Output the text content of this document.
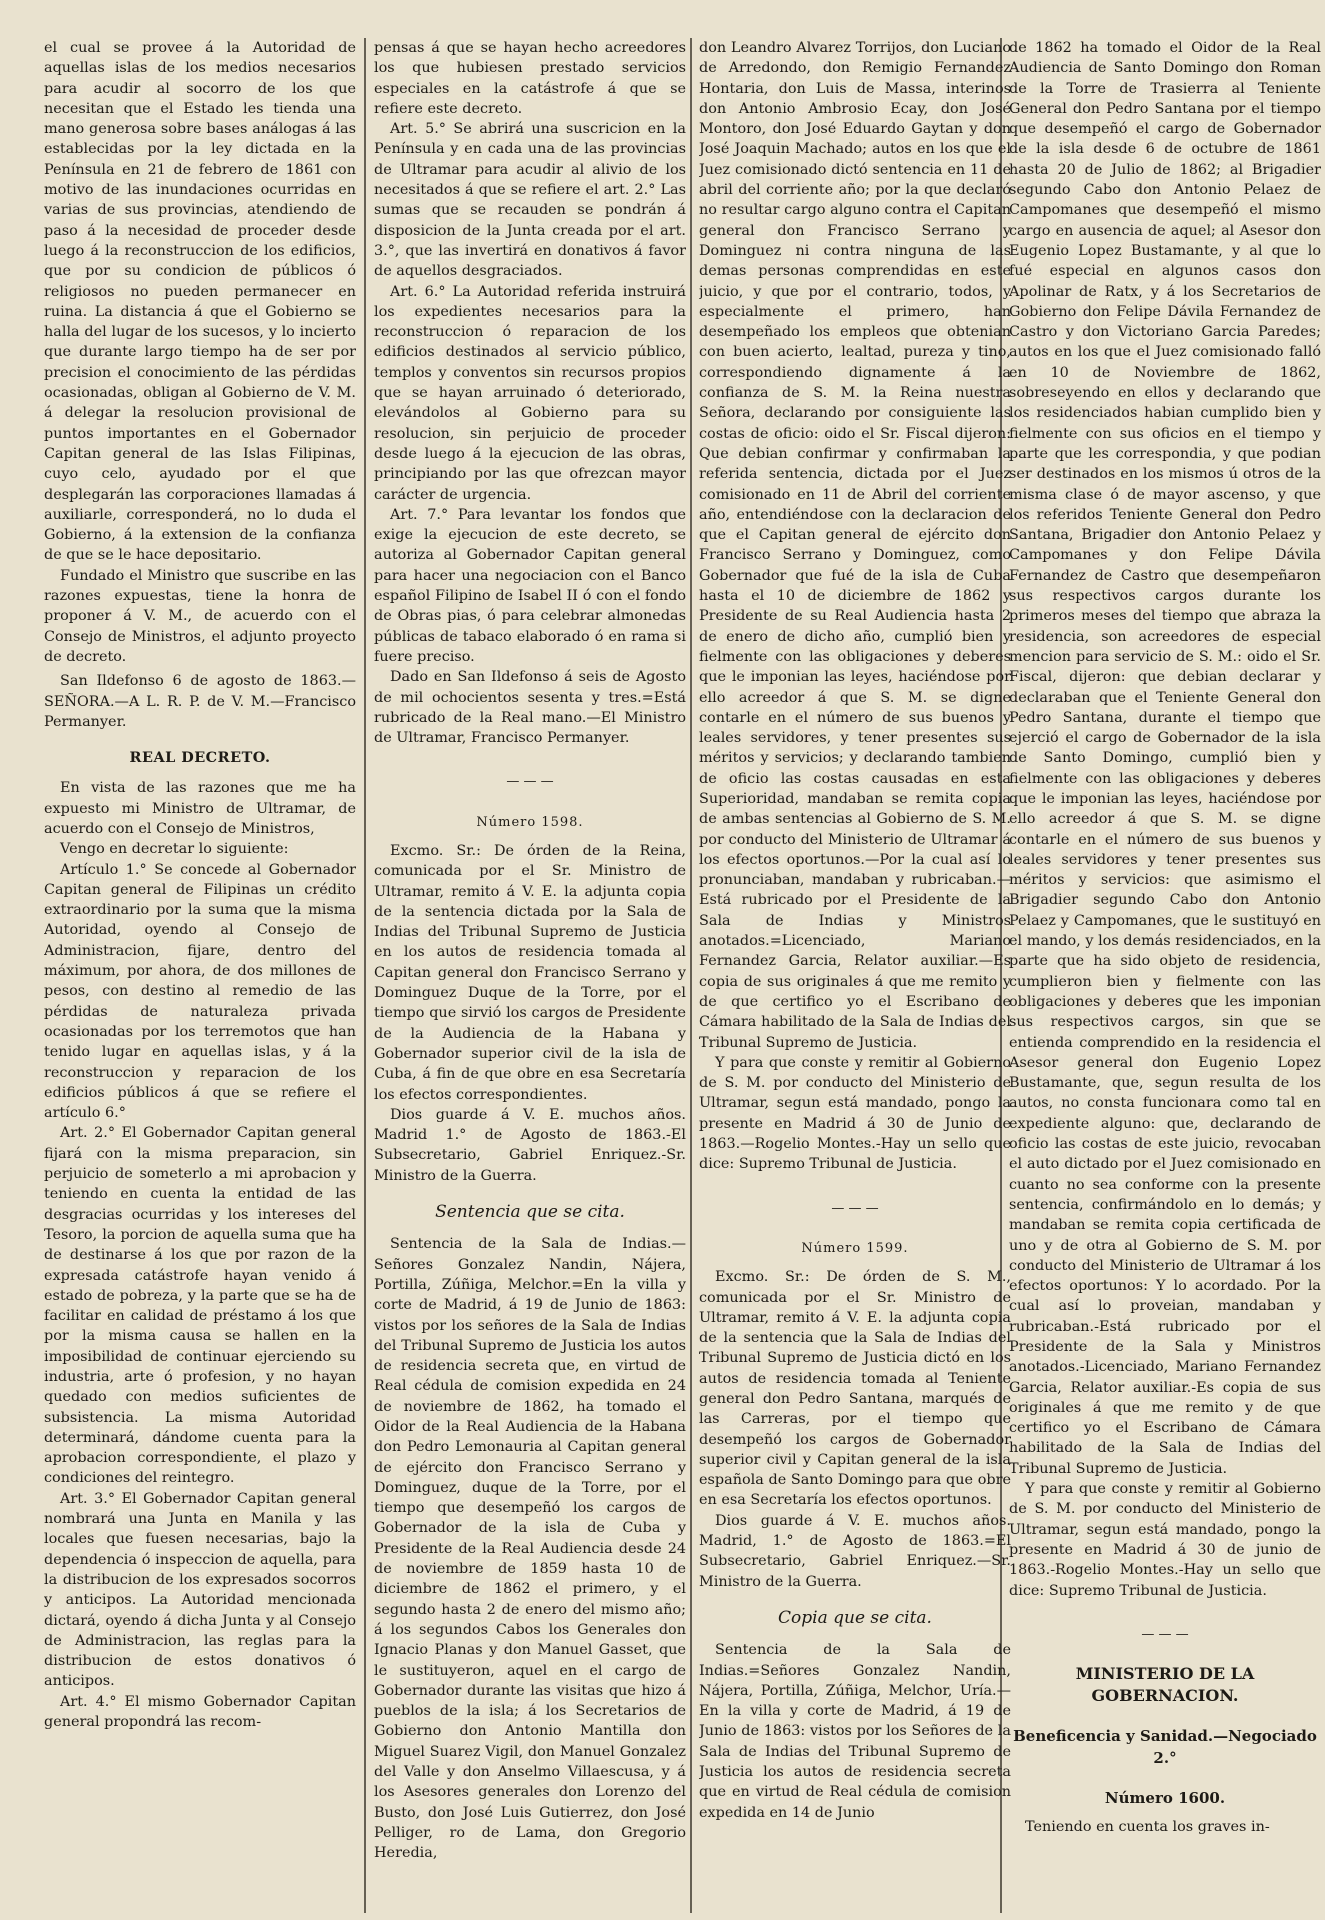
el cual se provee á la Autoridad de aquellas islas de los medios necesarios para acudir al socorro de los que necesitan que el Estado les tienda una mano generosa sobre bases análogas á las establecidas por la ley dictada en la Península en 21 de febrero de 1861 con motivo de las inundaciones ocurridas en varias de sus provincias, atendiendo de paso á la necesidad de proceder desde luego á la reconstruccion de los edificios, que por su condicion de públicos ó religiosos no pueden permanecer en ruina. La distancia á que el Gobierno se halla del lugar de los sucesos, y lo incierto que durante largo tiempo ha de ser por precision el conocimiento de las pérdidas ocasionadas, obligan al Gobierno de V. M. á delegar la resolucion provisional de puntos importantes en el Gobernador Capitan general de las Islas Filipinas, cuyo celo, ayudado por el que desplegarán las corporaciones llamadas á auxiliarle, corresponderá, no lo duda el Gobierno, á la extension de la confianza de que se le hace depositario.

Fundado el Ministro que suscribe en las razones expuestas, tiene la honra de proponer á V. M., de acuerdo con el Consejo de Ministros, el adjunto proyecto de decreto.

San Ildefonso 6 de agosto de 1863.—SEÑORA.—A L. R. P. de V. M.—Francisco Permanyer.

REAL DECRETO.

En vista de las razones que me ha expuesto mi Ministro de Ultramar, de acuerdo con el Consejo de Ministros,

Vengo en decretar lo siguiente:

Artículo 1.° Se concede al Gobernador Capitan general de Filipinas un crédito extraordinario por la suma que la misma Autoridad, oyendo al Consejo de Administracion, fijare, dentro del máximum, por ahora, de dos millones de pesos, con destino al remedio de las pérdidas de naturaleza privada ocasionadas por los terremotos que han tenido lugar en aquellas islas, y á la reconstruccion y reparacion de los edificios públicos á que se refiere el artículo 6.°

Art. 2.° El Gobernador Capitan general fijará con la misma preparacion, sin perjuicio de someterlo a mi aprobacion y teniendo en cuenta la entidad de las desgracias ocurridas y los intereses del Tesoro, la porcion de aquella suma que ha de destinarse á los que por razon de la expresada catástrofe hayan venido á estado de pobreza, y la parte que se ha de facilitar en calidad de préstamo á los que por la misma causa se hallen en la imposibilidad de continuar ejerciendo su industria, arte ó profesion, y no hayan quedado con medios suficientes de subsistencia. La misma Autoridad determinará, dándome cuenta para la aprobacion correspondiente, el plazo y condiciones del reintegro.

Art. 3.° El Gobernador Capitan general nombrará una Junta en Manila y las locales que fuesen necesarias, bajo la dependencia ó inspeccion de aquella, para la distribucion de los expresados socorros y anticipos. La Autoridad mencionada dictará, oyendo á dicha Junta y al Consejo de Administracion, las reglas para la distribucion de estos donativos ó anticipos.

Art. 4.° El mismo Gobernador Capitan general propondrá las recom-

pensas á que se hayan hecho acreedores los que hubiesen prestado servicios especiales en la catástrofe á que se refiere este decreto.

Art. 5.° Se abrirá una suscricion en la Península y en cada una de las provincias de Ultramar para acudir al alivio de los necesitados á que se refiere el art. 2.° Las sumas que se recauden se pondrán á disposicion de la Junta creada por el art. 3.°, que las invertirá en donativos á favor de aquellos desgraciados.

Art. 6.° La Autoridad referida instruirá los expedientes necesarios para la reconstruccion ó reparacion de los edificios destinados al servicio público, templos y conventos sin recursos propios que se hayan arruinado ó deteriorado, elevándolos al Gobierno para su resolucion, sin perjuicio de proceder desde luego á la ejecucion de las obras, principiando por las que ofrezcan mayor carácter de urgencia.

Art. 7.° Para levantar los fondos que exige la ejecucion de este decreto, se autoriza al Gobernador Capitan general para hacer una negociacion con el Banco español Filipino de Isabel II ó con el fondo de Obras pias, ó para celebrar almonedas públicas de tabaco elaborado ó en rama si fuere preciso.

Dado en San Ildefonso á seis de Agosto de mil ochocientos sesenta y tres.=Está rubricado de la Real mano.—El Ministro de Ultramar, Francisco Permanyer.

— — —

Número 1598.

Excmo. Sr.: De órden de la Reina, comunicada por el Sr. Ministro de Ultramar, remito á V. E. la adjunta copia de la sentencia dictada por la Sala de Indias del Tribunal Supremo de Justicia en los autos de residencia tomada al Capitan general don Francisco Serrano y Dominguez Duque de la Torre, por el tiempo que sirvió los cargos de Presidente de la Audiencia de la Habana y Gobernador superior civil de la isla de Cuba, á fin de que obre en esa Secretaría los efectos correspondientes.

Dios guarde á V. E. muchos años. Madrid 1.° de Agosto de 1863.-El Subsecretario, Gabriel Enriquez.-Sr. Ministro de la Guerra.

Sentencia que se cita.

Sentencia de la Sala de Indias.—Señores Gonzalez Nandin, Nájera, Portilla, Zúñiga, Melchor.=En la villa y corte de Madrid, á 19 de Junio de 1863: vistos por los señores de la Sala de Indias del Tribunal Supremo de Justicia los autos de residencia secreta que, en virtud de Real cédula de comision expedida en 24 de noviembre de 1862, ha tomado el Oidor de la Real Audiencia de la Habana don Pedro Lemonauria al Capitan general de ejército don Francisco Serrano y Dominguez, duque de la Torre, por el tiempo que desempeñó los cargos de Gobernador de la isla de Cuba y Presidente de la Real Audiencia desde 24 de noviembre de 1859 hasta 10 de diciembre de 1862 el primero, y el segundo hasta 2 de enero del mismo año; á los segundos Cabos los Generales don Ignacio Planas y don Manuel Gasset, que le sustituyeron, aquel en el cargo de Gobernador durante las visitas que hizo á pueblos de la isla; á los Secretarios de Gobierno don Antonio Mantilla don Miguel Suarez Vigil, don Manuel Gonzalez del Valle y don Anselmo Villaescusa, y á los Asesores generales don Lorenzo del Busto, don José Luis Gutierrez, don José Pelliger, ro de Lama, don Gregorio Heredia,

don Leandro Alvarez Torrijos, don Luciano de Arredondo, don Remigio Fernandez Hontaria, don Luis de Massa, interinos don Antonio Ambrosio Ecay, don José Montoro, don José Eduardo Gaytan y don José Joaquin Machado; autos en los que el Juez comisionado dictó sentencia en 11 de abril del corriente año; por la que declaró no resultar cargo alguno contra el Capitan general don Francisco Serrano y Dominguez ni contra ninguna de las demas personas comprendidas en este juicio, y que por el contrario, todos, y especialmente el primero, han desempeñado los empleos que obtenian con buen acierto, lealtad, pureza y tino, correspondiendo dignamente á la confianza de S. M. la Reina nuestra Señora, declarando por consiguiente las costas de oficio: oido el Sr. Fiscal dijeron: Que debian confirmar y confirmaban la referida sentencia, dictada por el Juez comisionado en 11 de Abril del corriente año, entendiéndose con la declaracion de que el Capitan general de ejército don Francisco Serrano y Dominguez, como Gobernador que fué de la isla de Cuba hasta el 10 de diciembre de 1862 y Presidente de su Real Audiencia hasta 2 de enero de dicho año, cumplió bien y fielmente con las obligaciones y deberes que le imponian las leyes, haciéndose por ello acreedor á que S. M. se digne contarle en el número de sus buenos y leales servidores, y tener presentes sus méritos y servicios; y declarando tambien de oficio las costas causadas en esta Superioridad, mandaban se remita copia de ambas sentencias al Gobierno de S. M. por conducto del Ministerio de Ultramar á los efectos oportunos.—Por la cual así lo pronunciaban, mandaban y rubricaban.—Está rubricado por el Presidente de la Sala de Indias y Ministros anotados.=Licenciado, Mariano Fernandez Garcia, Relator auxiliar.—Es copia de sus originales á que me remito y de que certifico yo el Escribano de Cámara habilitado de la Sala de Indias del Tribunal Supremo de Justicia.

Y para que conste y remitir al Gobierno de S. M. por conducto del Ministerio de Ultramar, segun está mandado, pongo la presente en Madrid á 30 de Junio de 1863.—Rogelio Montes.-Hay un sello que dice: Supremo Tribunal de Justicia.

— — —

Número 1599.

Excmo. Sr.: De órden de S. M., comunicada por el Sr. Ministro de Ultramar, remito á V. E. la adjunta copia de la sentencia que la Sala de Indias del Tribunal Supremo de Justicia dictó en los autos de residencia tomada al Teniente general don Pedro Santana, marqués de las Carreras, por el tiempo que desempeñó los cargos de Gobernador superior civil y Capitan general de la isla española de Santo Domingo para que obre en esa Secretaría los efectos oportunos.

Dios guarde á V. E. muchos años. Madrid, 1.° de Agosto de 1863.=El Subsecretario, Gabriel Enriquez.—Sr. Ministro de la Guerra.

Copia que se cita.

Sentencia de la Sala de Indias.=Señores Gonzalez Nandin, Nájera, Portilla, Zúñiga, Melchor, Uría.—En la villa y corte de Madrid, á 19 de Junio de 1863: vistos por los Señores de la Sala de Indias del Tribunal Supremo de Justicia los autos de residencia secreta que en virtud de Real cédula de comision expedida en 14 de Junio

de 1862 ha tomado el Oidor de la Real Audiencia de Santo Domingo don Roman de la Torre de Trasierra al Teniente General don Pedro Santana por el tiempo que desempeñó el cargo de Gobernador de la isla desde 6 de octubre de 1861 hasta 20 de Julio de 1862; al Brigadier segundo Cabo don Antonio Pelaez de Campomanes que desempeñó el mismo cargo en ausencia de aquel; al Asesor don Eugenio Lopez Bustamante, y al que lo fué especial en algunos casos don Apolinar de Ratx, y á los Secretarios de Gobierno don Felipe Dávila Fernandez de Castro y don Victoriano Garcia Paredes; autos en los que el Juez comisionado falló en 10 de Noviembre de 1862, sobreseyendo en ellos y declarando que los residenciados habian cumplido bien y fielmente con sus oficios en el tiempo y parte que les correspondia, y que podian ser destinados en los mismos ú otros de la misma clase ó de mayor ascenso, y que los referidos Teniente General don Pedro Santana, Brigadier don Antonio Pelaez y Campomanes y don Felipe Dávila Fernandez de Castro que desempeñaron sus respectivos cargos durante los primeros meses del tiempo que abraza la residencia, son acreedores de especial mencion para servicio de S. M.: oido el Sr. Fiscal, dijeron: que debian declarar y declaraban que el Teniente General don Pedro Santana, durante el tiempo que ejerció el cargo de Gobernador de la isla de Santo Domingo, cumplió bien y fielmente con las obligaciones y deberes que le imponian las leyes, haciéndose por ello acreedor á que S. M. se digne contarle en el número de sus buenos y leales servidores y tener presentes sus méritos y servicios: que asimismo el Brigadier segundo Cabo don Antonio Pelaez y Campomanes, que le sustituyó en el mando, y los demás residenciados, en la parte que ha sido objeto de residencia, cumplieron bien y fielmente con las obligaciones y deberes que les imponian sus respectivos cargos, sin que se entienda comprendido en la residencia el Asesor general don Eugenio Lopez Bustamante, que, segun resulta de los autos, no consta funcionara como tal en expediente alguno: que, declarando de oficio las costas de este juicio, revocaban el auto dictado por el Juez comisionado en cuanto no sea conforme con la presente sentencia, confirmándolo en lo demás; y mandaban se remita copia certificada de uno y de otra al Gobierno de S. M. por conducto del Ministerio de Ultramar á los efectos oportunos: Y lo acordado. Por la cual así lo proveian, mandaban y rubricaban.-Está rubricado por el Presidente de la Sala y Ministros anotados.-Licenciado, Mariano Fernandez Garcia, Relator auxiliar.-Es copia de sus originales á que me remito y de que certifico yo el Escribano de Cámara habilitado de la Sala de Indias del Tribunal Supremo de Justicia.

Y para que conste y remitir al Gobierno de S. M. por conducto del Ministerio de Ultramar, segun está mandado, pongo la presente en Madrid á 30 de junio de 1863.-Rogelio Montes.-Hay un sello que dice: Supremo Tribunal de Justicia.

— — —

MINISTERIO DE LA GOBERNACION.

Beneficencia y Sanidad.—Negociado 2.°

Número 1600.

Teniendo en cuenta los graves in-
